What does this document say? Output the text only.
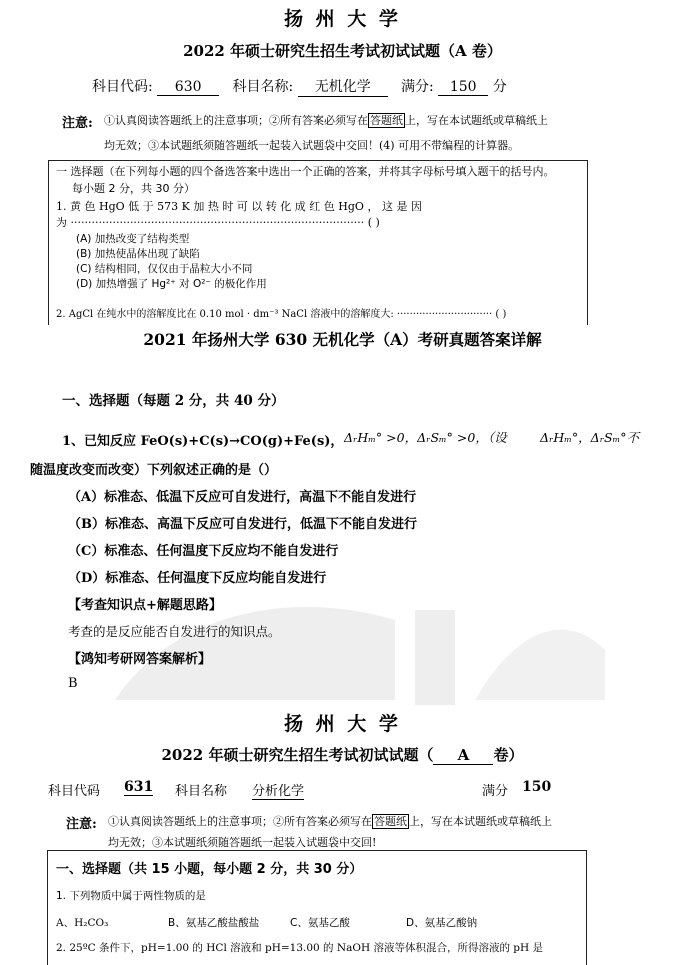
扬 州 大 学
2022 年硕士研究生招生考试初试试题（A 卷）
科目代码: 630 科目名称: 无机化学 满分: 150 分
注意: ①认真阅读答题纸上的注意事项；②所有答案必须写在 答题纸 上，写在本试题纸或草稿纸上
均无效；③本试题纸须随答题纸一起装入试题袋中交回！(4) 可用不带编程的计算器。
一 选择题（在下列每小题的四个备选答案中选出一个正确的答案，并将其字母标号填入题干的括号内。
每小题 2 分，共 30 分）
1. 黄 色 HgO 低 于 573 K 加 热 时 可 以 转 化 成 红 色 HgO ， 这 是 因
为 ···················································································· ( )
(A) 加热改变了结构类型
(B) 加热使晶体出现了缺陷
(C) 结构相同，仅仅由于晶粒大小不同
(D) 加热增强了 Hg²⁺ 对 O²⁻ 的极化作用
2. AgCl 在纯水中的溶解度比在 0.10 mol · dm⁻³ NaCl 溶液中的溶解度大: ······························ ( )
2021 年扬州大学 630 无机化学（A）考研真题答案详解
一、选择题（每题 2 分，共 40 分）
1、已知反应 FeO(s)+C(s)→CO(g)+Fe(s)， ΔᵣHₘ° >0，ΔᵣSₘ° >0，（设	ΔᵣHₘ°，ΔᵣSₘ°不
随温度改变而改变）下列叙述正确的是（）
（A）标准态、低温下反应可自发进行，高温下不能自发进行
（B）标准态、高温下反应可自发进行，低温下不能自发进行
（C）标准态、任何温度下反应均不能自发进行
（D）标准态、任何温度下反应均能自发进行
【考查知识点+解题思路】
考查的是反应能否自发进行的知识点。
【鸿知考研网答案解析】
B
扬 州 大 学
2022 年硕士研究生招生考试初试试题（ A 卷）
科目代码 631 科目名称 分析化学	满分 150
注意: ①认真阅读答题纸上的注意事项；②所有答案必须写在 答题纸 上，写在本试题纸或草稿纸上
均无效；③本试题纸须随答题纸一起装入试题袋中交回!
一、选择题（共 15 小题，每小题 2 分，共 30 分）
1. 下列物质中属于两性物质的是
A、H₂CO₃	B、氨基乙酸盐酸盐	C、氨基乙酸	D、氨基乙酸钠
2. 25ºC 条件下，pH=1.00 的 HCl 溶液和 pH=13.00 的 NaOH 溶液等体积混合，所得溶液的 pH 是
